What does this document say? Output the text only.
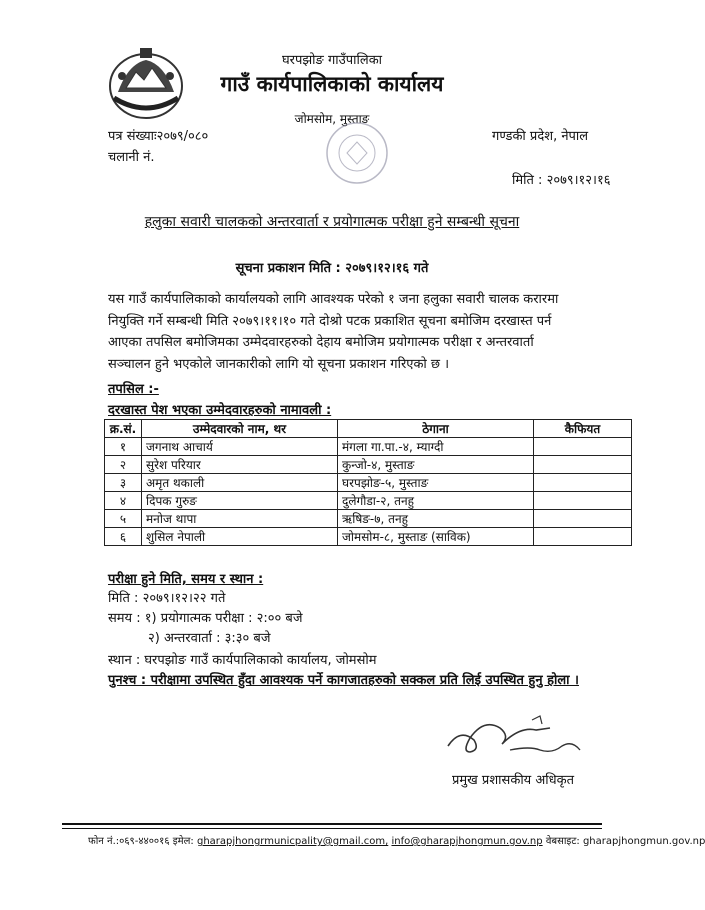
घरपझोङ गाउँपालिका
गाउँ कार्यपालिकाको कार्यालय
जोमसोम, मुस्ताङ
पत्र संख्याः२०७९/०८०	गण्डकी प्रदेश, नेपाल
चलानी नं.
मिति : २०७९।१२।१६
हलुका सवारी चालकको अन्तरवार्ता र प्रयोगात्मक परीक्षा हुने सम्बन्धी सूचना
सूचना प्रकाशन मिति : २०७९।१२।१६ गते

यस गाउँ कार्यपालिकाको कार्यालयको लागि आवश्यक परेको १ जना हलुका सवारी चालक करारमा

नियुक्ति गर्ने सम्बन्धी मिति २०७९।११।१० गते दोश्रो पटक प्रकाशित सूचना बमोजिम दरखास्त पर्न

आएका तपसिल बमोजिमका उम्मेदवारहरुको देहाय बमोजिम प्रयोगात्मक परीक्षा र अन्तरवार्ता

सञ्चालन हुने भएकोले जानकारीको लागि यो सूचना प्रकाशन गरिएको छ ।

तपसिल :-
दरखास्त पेश भएका उम्मेदवारहरुको नामावली :
क्र.सं.	उम्मेदवारको नाम, थर	ठेगाना	कैफियत
१	जगनाथ आचार्य	मंगला गा.पा.-४, म्याग्दी	
२	सुरेश परियार	कुन्जो-४, मुस्ताङ	
३	अमृत थकाली	घरपझोङ-५, मुस्ताङ	
४	दिपक गुरुङ	दुलेगौडा-२, तनहु	
५	मनोज थापा	ऋषिङ-७, तनहु	
६	शुसिल नेपाली	जोमसोम-८, मुस्ताङ (साविक)	
परीक्षा हुने मिति, समय र स्थान :
मिति : २०७९।१२।२२ गते
समय : १) प्रयोगात्मक परीक्षा : २:०० बजे
२) अन्तरवार्ता : ३:३० बजे
स्थान : घरपझोङ गाउँ कार्यपालिकाको कार्यालय, जोमसोम
पुनश्च : परीक्षामा उपस्थित हुँदा आवश्यक पर्ने कागजातहरुको सक्कल प्रति लिई उपस्थित हुनु होला ।
प्रमुख प्रशासकीय अधिकृत
फोन नं.:०६९-४४००१६ इमेल: gharapjhongrmunicpality@gmail.com, info@gharapjhongmun.gov.np वेबसाइट: gharapjhongmun.gov.np
